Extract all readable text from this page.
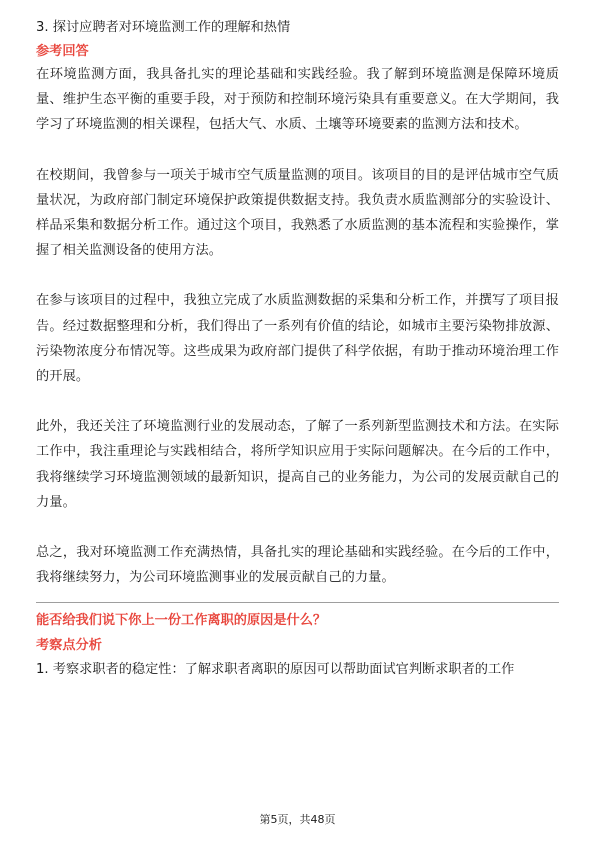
3. 探讨应聘者对环境监测工作的理解和热情

参考回答

在环境监测方面，我具备扎实的理论基础和实践经验。我了解到环境监测是保障环境质量、维护生态平衡的重要手段，对于预防和控制环境污染具有重要意义。在大学期间，我学习了环境监测的相关课程，包括大气、水质、土壤等环境要素的监测方法和技术。

在校期间，我曾参与一项关于城市空气质量监测的项目。该项目的目的是评估城市空气质量状况，为政府部门制定环境保护政策提供数据支持。我负责水质监测部分的实验设计、样品采集和数据分析工作。通过这个项目，我熟悉了水质监测的基本流程和实验操作，掌握了相关监测设备的使用方法。

在参与该项目的过程中，我独立完成了水质监测数据的采集和分析工作，并撰写了项目报告。经过数据整理和分析，我们得出了一系列有价值的结论，如城市主要污染物排放源、污染物浓度分布情况等。这些成果为政府部门提供了科学依据，有助于推动环境治理工作的开展。

此外，我还关注了环境监测行业的发展动态，了解了一系列新型监测技术和方法。在实际工作中，我注重理论与实践相结合，将所学知识应用于实际问题解决。在今后的工作中，我将继续学习环境监测领域的最新知识，提高自己的业务能力，为公司的发展贡献自己的力量。

总之，我对环境监测工作充满热情，具备扎实的理论基础和实践经验。在今后的工作中，我将继续努力，为公司环境监测事业的发展贡献自己的力量。

能否给我们说下你上一份工作离职的原因是什么？

考察点分析

1. 考察求职者的稳定性：了解求职者离职的原因可以帮助面试官判断求职者的工作

第5页，共48页
